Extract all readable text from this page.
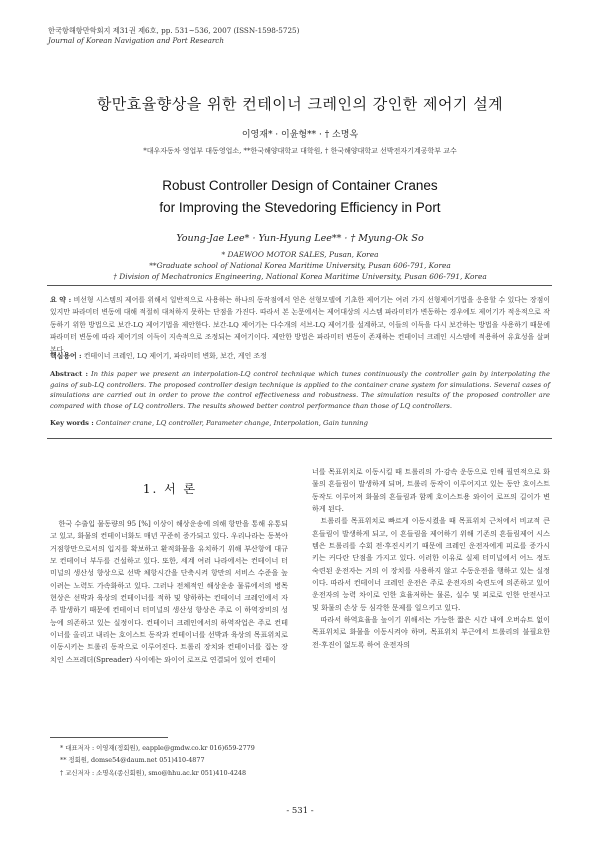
한국항해항만학회지 제31권 제6호, pp. 531~536, 2007 (ISSN-1598-5725)
Journal of Korean Navigation and Port Research
항만효율향상을 위한 컨테이너 크레인의 강인한 제어기 설계
이영재* · 이윤형** · † 소명옥
*대우자동차 영업부 대동영업소, **한국해양대학교 대학원, † 한국해양대학교 선박전자기계공학부 교수
Robust Controller Design of Container Cranes
for Improving the Stevedoring Efficiency in Port
Young-Jae Lee* · Yun-Hyung Lee** · † Myung-Ok So
* DAEWOO MOTOR SALES, Pusan, Korea
**Graduate school of National Korea Maritime University, Pusan 606-791, Korea
† Division of Mechatronics Engineering, National Korea Maritime University, Pusan 606-791, Korea
요 약 : 비선형 시스템의 제어를 위해서 일반적으로 사용하는 하나의 동작점에서 얻은 선형모델에 기초한 제어기는 여러 가지 선형제어기법을 응용할 수 있다는 장점이 있지만 파라미터 변동에 대해 적절히 대처하지 못하는 단점을 가진다. 따라서 본 논문에서는 제어대상의 시스템 파라미터가 변동하는 경우에도 제어기가 적응적으로 작동하기 위한 방법으로 보간-LQ 제어기법을 제안한다. 보간-LQ 제어기는 다수개의 서브-LQ 제어기를 설계하고, 이들의 이득을 다시 보간하는 방법을 사용하기 때문에 파라미터 변동에 따라 제어기의 이득이 지속적으로 조정되는 제어기이다. 제안한 방법은 파라미터 변동이 존재하는 컨테이너 크레인 시스템에 적용하여 유효성을 살펴본다.
핵심용어 : 컨테이너 크레인, LQ 제어기, 파라미터 변화, 보간, 게인 조정
Abstract : In this paper we present an interpolation-LQ control technique which tunes continuously the controller gain by interpolating the gains of sub-LQ controllers. The proposed controller design technique is applied to the container crane system for simulations. Several cases of simulations are carried out in order to prove the control effectiveness and robustness. The simulation results of the proposed controller are compared with those of LQ controllers. The results showed better control performance than those of LQ controllers.
Key words : Container crane, LQ controller, Parameter change, Interpolation, Gain tunning
1. 서 론

한국 수출입 물동량의 95 [%] 이상이 해상운송에 의해 항만을 통해 유통되고 있고, 화물의 컨테이너화도 매년 꾸준히 증가되고 있다. 우리나라는 동북아 거점항만으로서의 입지를 확보하고 환적화물을 유치하기 위해 부산항에 대규모 컨테이너 부두를 건설하고 있다. 또한, 세계 여러 나라에서는 컨테이너 터미널의 생산성 향상으로 선박 체항시간을 단축시켜 항만의 서비스 수준을 높이려는 노력도 가속화하고 있다. 그러나 전체적인 해상운송 물류에서의 병목현상은 선박과 육상의 컨테이너를 적하 및 양하하는 컨테이너 크레인에서 자주 발생하기 때문에 컨테이너 터미널의 생산성 향상은 주로 이 하역장비의 성능에 의존하고 있는 실정이다. 컨테이너 크레인에서의 하역작업은 주로 컨테이너를 올리고 내리는 호이스트 동작과 컨테이너를 선박과 육상의 목표위치로 이동시키는 트롤리 동작으로 이루어진다. 트롤리 장치와 컨테이너를 집는 장치인 스프레더(Spreader) 사이에는 와이어 로프로 연결되어 있어 컨테이

너를 목표위치로 이동시킬 때 트롤리의 가·감속 운동으로 인해 필연적으로 화물의 흔들림이 발생하게 되며, 트롤리 동작이 이루어지고 있는 동안 호이스트 동작도 이루어져 화물의 흔들림과 함께 호이스트용 와이어 로프의 길이가 변하게 된다.

트롤리를 목표위치로 빠르게 이동시켰을 때 목표위치 근처에서 비교적 큰 흔들림이 발생하게 되고, 이 흔들림을 제어하기 위해 기존의 흔들림제어 시스템은 트롤리를 수회 전·후진시키기 때문에 크레인 운전자에게 피로를 증가시키는 커다란 단점을 가지고 있다. 이러한 이유로 실제 터미널에서 어느 정도 숙련된 운전자는 거의 이 장치를 사용하지 않고 수동운전을 행하고 있는 실정이다. 따라서 컨테이너 크레인 운전은 주로 운전자의 숙련도에 의존하고 있어 운전자의 능력 차이로 인한 효율저하는 물론, 실수 및 피로로 인한 안전사고 및 화물의 손상 등 심각한 문제를 일으키고 있다.

따라서 하역효율을 높이기 위해서는 가능한 짧은 시간 내에 오버슈트 없이 목표위치로 화물을 이동시켜야 하며, 목표위치 부근에서 트롤리의 불필요한 전·후진이 없도록 하여 운전자의

* 대표저자 : 이영재(정회원), eapple@gmdw.co.kr 016)659-2779
** 정회원, domse54@daum.net 051)410-4877
† 교신저자 : 소명옥(종신회원), smo@hhu.ac.kr 051)410-4248
- 531 -
